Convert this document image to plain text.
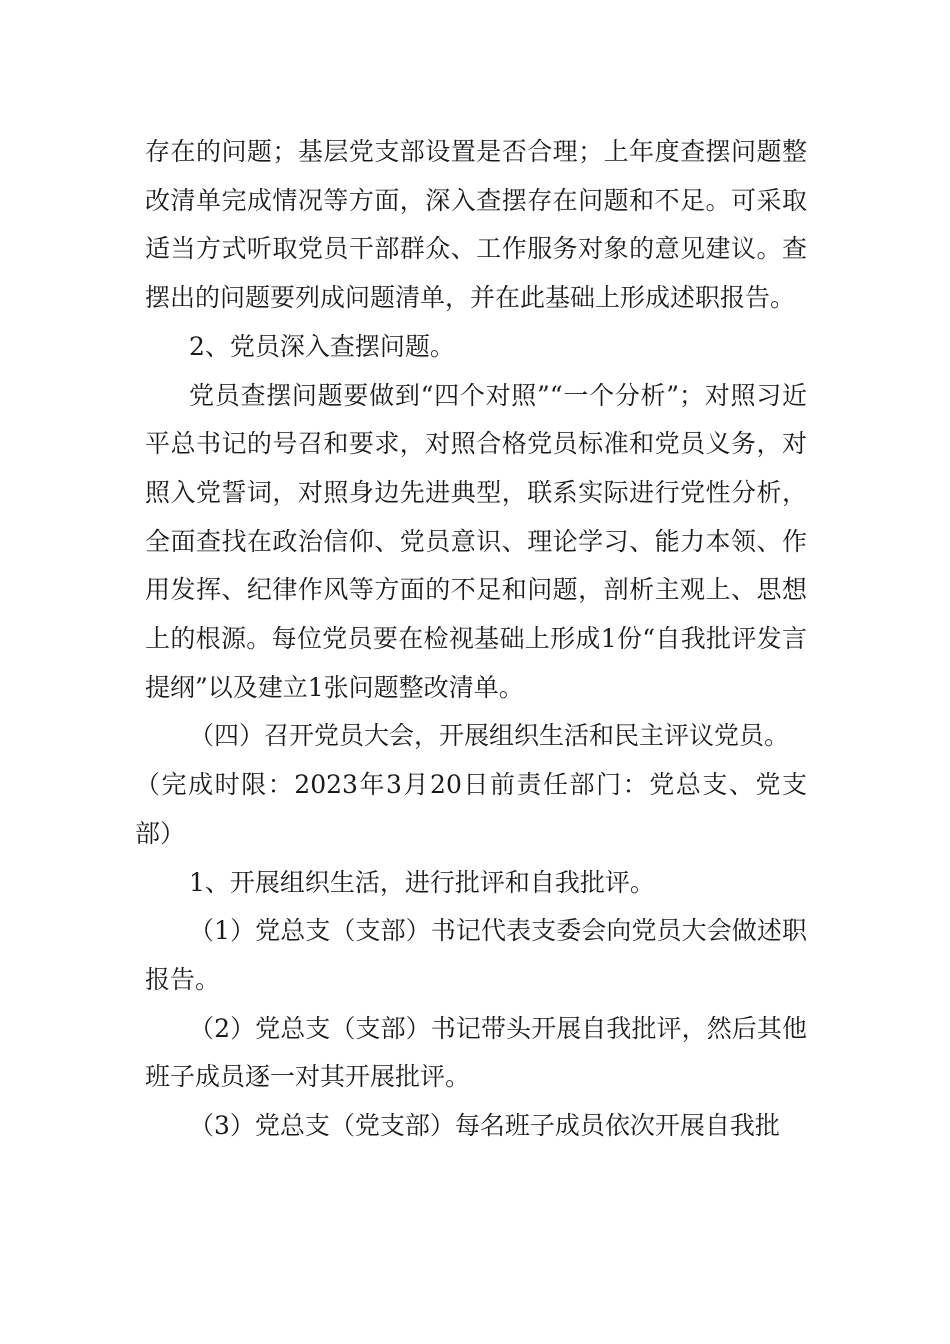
存在的问题；基层党支部设置是否合理；上年度查摆问题整改清单完成情况等方面，深入查摆存在问题和不足。可采取适当方式听取党员干部群众、工作服务对象的意见建议。查摆出的问题要列成问题清单，并在此基础上形成述职报告。

2、党员深入查摆问题。

党员查摆问题要做到“四个对照”“一个分析”；对照习近平总书记的号召和要求，对照合格党员标准和党员义务，对照入党誓词，对照身边先进典型，联系实际进行党性分析，全面查找在政治信仰、党员意识、理论学习、能力本领、作用发挥、纪律作风等方面的不足和问题，剖析主观上、思想上的根源。每位党员要在检视基础上形成1份“自我批评发言提纲”以及建立1张问题整改清单。

（四）召开党员大会，开展组织生活和民主评议党员。

（完成时限：2023年3月20日前责任部门：党总支、党支部）

1、开展组织生活，进行批评和自我批评。

（1）党总支（支部）书记代表支委会向党员大会做述职报告。

（2）党总支（支部）书记带头开展自我批评，然后其他班子成员逐一对其开展批评。

（3）党总支（党支部）每名班子成员依次开展自我批
